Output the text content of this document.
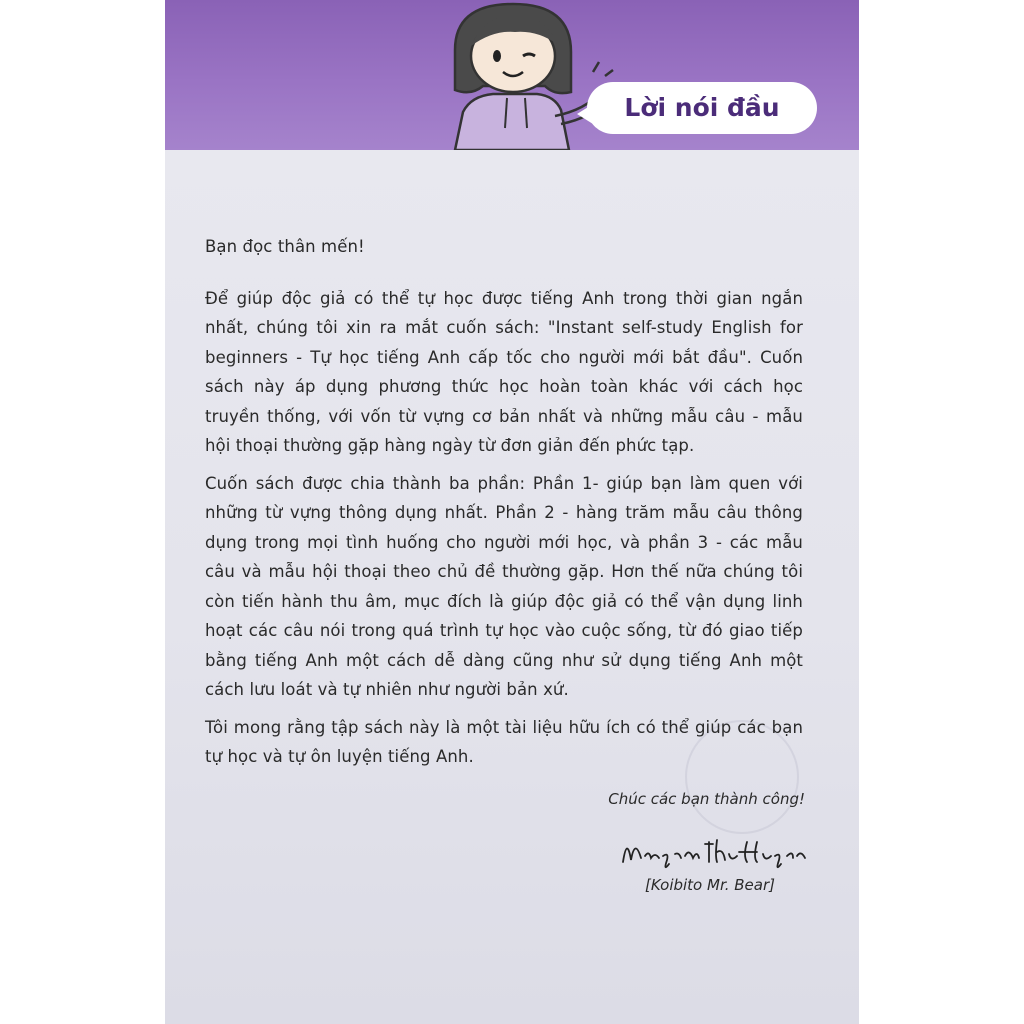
Lời nói đầu

Bạn đọc thân mến!

Để giúp độc giả có thể tự học được tiếng Anh trong thời gian ngắn nhất, chúng tôi xin ra mắt cuốn sách: "Instant self-study English for beginners - Tự học tiếng Anh cấp tốc cho người mới bắt đầu". Cuốn sách này áp dụng phương thức học hoàn toàn khác với cách học truyền thống, với vốn từ vựng cơ bản nhất và những mẫu câu - mẫu hội thoại thường gặp hàng ngày từ đơn giản đến phức tạp.

Cuốn sách được chia thành ba phần: Phần 1- giúp bạn làm quen với những từ vựng thông dụng nhất. Phần 2 - hàng trăm mẫu câu thông dụng trong mọi tình huống cho người mới học, và phần 3 - các mẫu câu và mẫu hội thoại theo chủ đề thường gặp. Hơn thế nữa chúng tôi còn tiến hành thu âm, mục đích là giúp độc giả có thể vận dụng linh hoạt các câu nói trong quá trình tự học vào cuộc sống, từ đó giao tiếp bằng tiếng Anh một cách dễ dàng cũng như sử dụng tiếng Anh một cách lưu loát và tự nhiên như người bản xứ.

Tôi mong rằng tập sách này là một tài liệu hữu ích có thể giúp các bạn tự học và tự ôn luyện tiếng Anh.

Chúc các bạn thành công!
[Koibito Mr. Bear]
